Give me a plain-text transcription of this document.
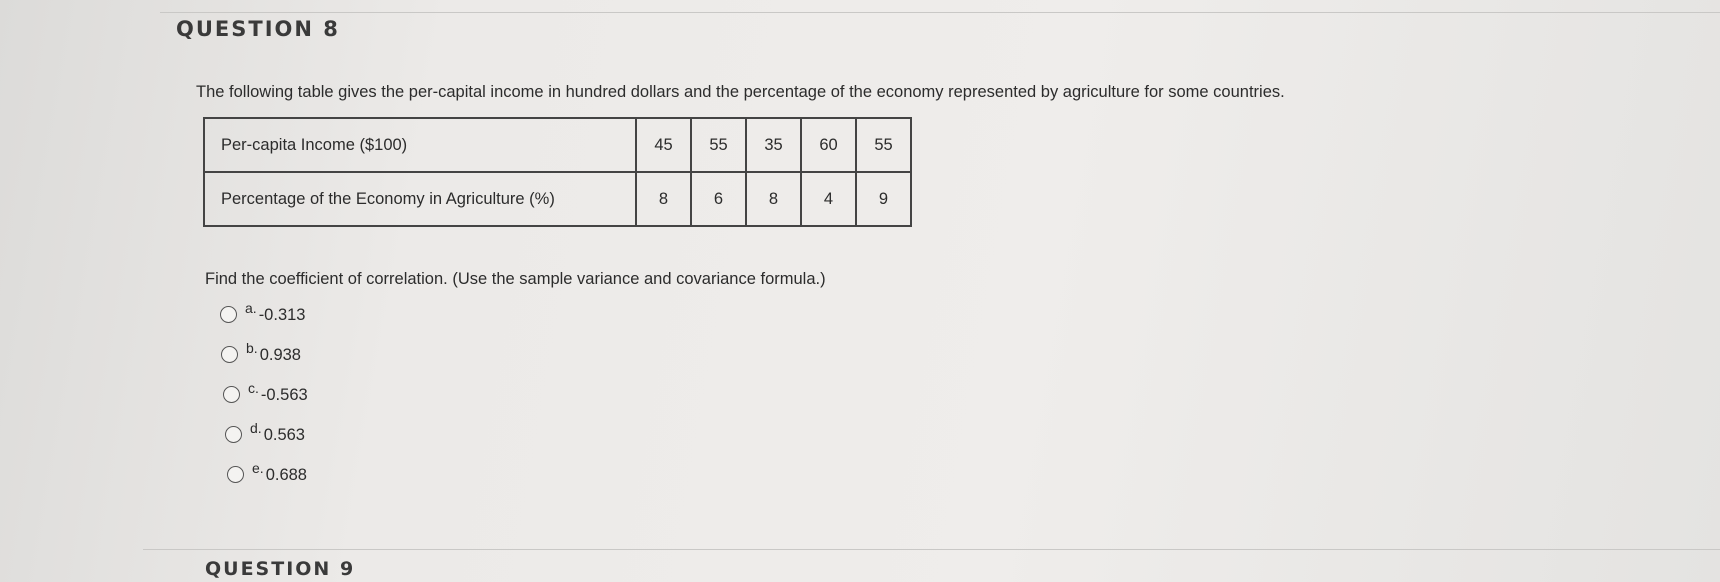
QUESTION 8
The following table gives the per-capital income in hundred dollars and the percentage of the economy represented by agriculture for some countries.
Per-capita Income ($100)	45	55	35	60	55
Percentage of the Economy in Agriculture (%)	8	6	8	4	9
Find the coefficient of correlation. (Use the sample variance and covariance formula.)
a. -0.313
b. 0.938
c. -0.563
d. 0.563
e. 0.688
QUESTION 9
